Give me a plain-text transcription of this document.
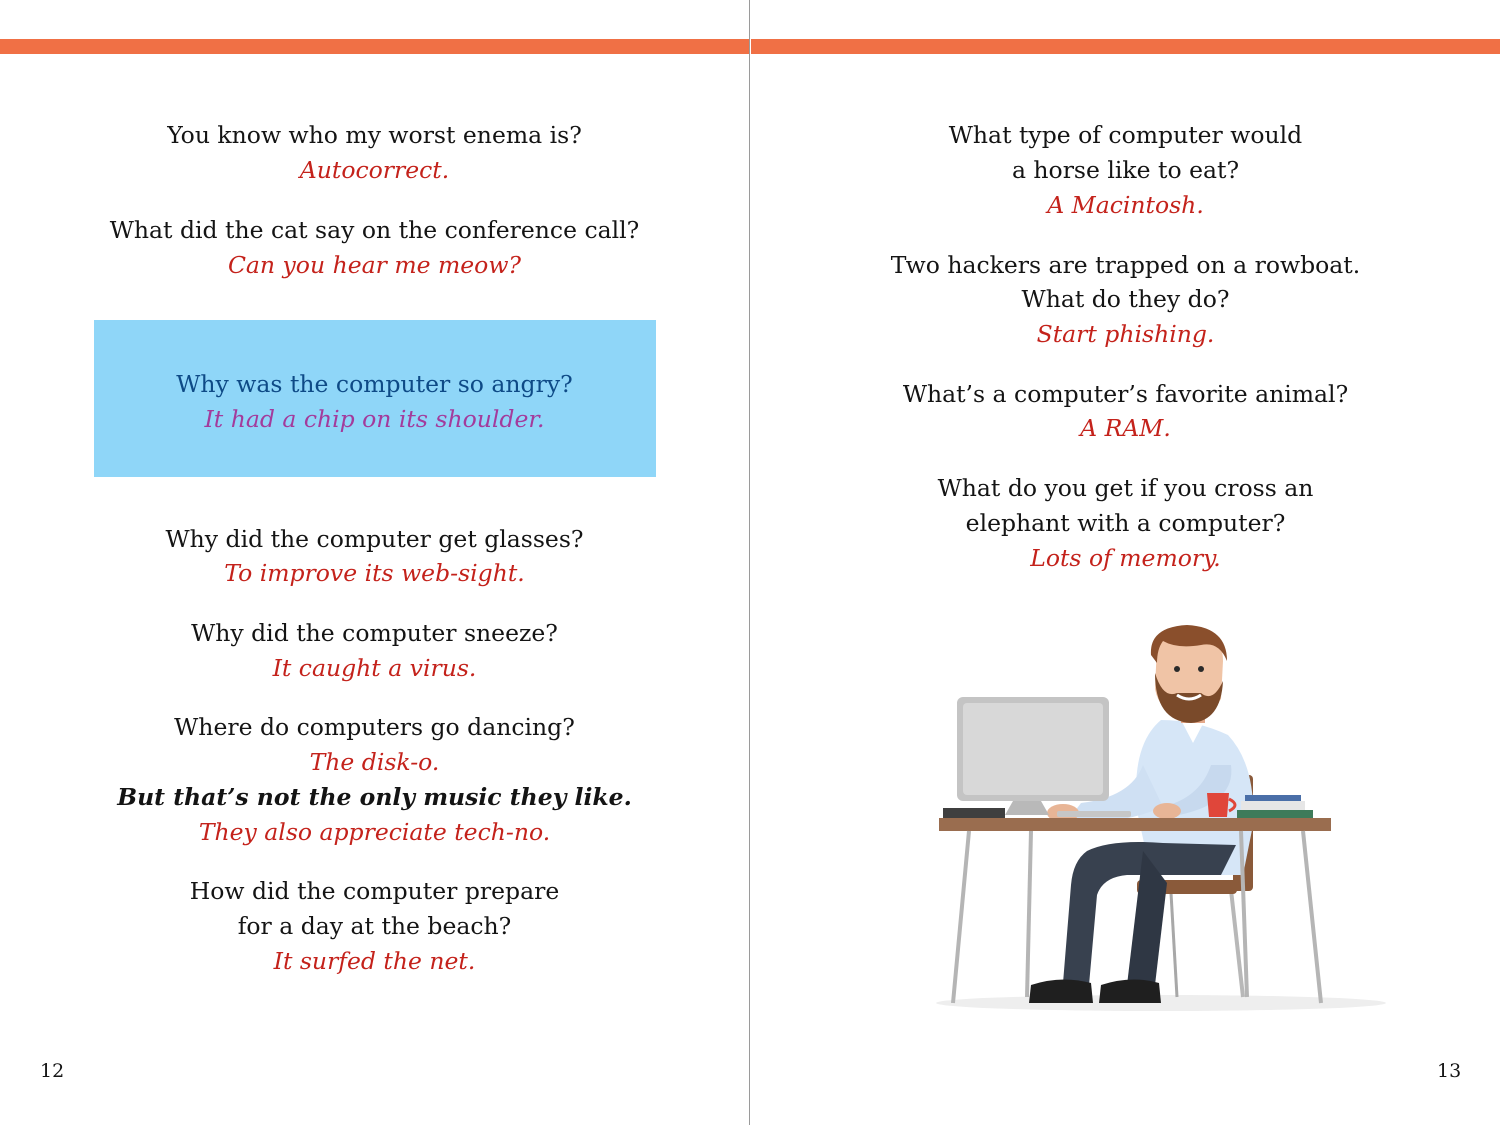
You know who my worst enema is?
Autocorrect.
What did the cat say on the conference call?
Can you hear me meow?
Why was the computer so angry?
It had a chip on its shoulder.
Why did the computer get glasses?
To improve its web-sight.
Why did the computer sneeze?
It caught a virus.
Where do computers go dancing?
The disk-o.
But that’s not the only music they like.
They also appreciate tech-no.
How did the computer prepare
for a day at the beach?
It surfed the net.
12
What type of computer would
a horse like to eat?
A Macintosh.
Two hackers are trapped on a rowboat.
What do they do?
Start phishing.
What’s a computer’s favorite animal?
A RAM.
What do you get if you cross an
elephant with a computer?
Lots of memory.
13
